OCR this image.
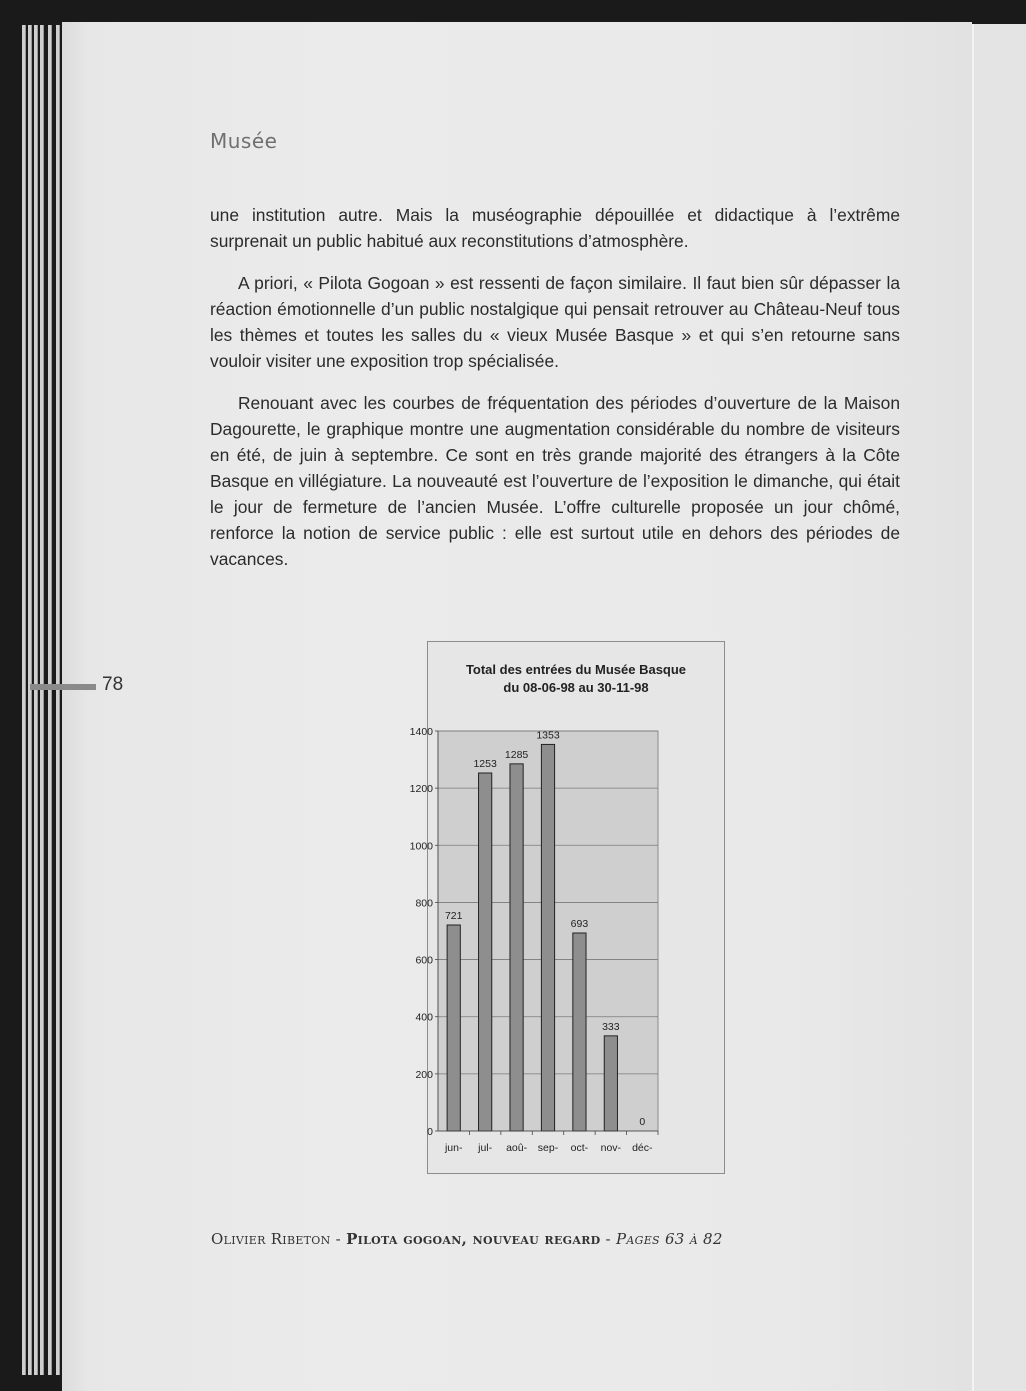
Musée

une institution autre. Mais la muséographie dépouillée et didactique à l’extrême surprenait un public habitué aux reconstitutions d’atmosphère.

A priori, « Pilota Gogoan » est ressenti de façon similaire. Il faut bien sûr dépasser la réaction émotionnelle d’un public nostalgique qui pensait retrouver au Château-Neuf tous les thèmes et toutes les salles du « vieux Musée Basque » et qui s’en retourne sans vouloir visiter une exposition trop spécialisée.

Renouant avec les courbes de fréquentation des périodes d’ouverture de la Maison Dagourette, le graphique montre une augmentation considérable du nombre de visiteurs en été, de juin à septembre. Ce sont en très grande majorité des étrangers à la Côte Basque en villégiature. La nouveauté est l’ouverture de l’exposition le dimanche, qui était le jour de fermeture de l’ancien Musée. L’offre culturelle proposée un jour chômé, renforce la notion de service public : elle est surtout utile en dehors des périodes de vacances.

78
Total des entrées du Musée Basque
du 08-06-98 au 30-11-98
721
1253
1285
1353
693
333
0
0
200
400
600
800
1000
1200
1400
jun- jul- aoû- sep- oct- nov- déc-
Olivier Ribeton - Pilota gogoan, nouveau regard - Pages 63 à 82
